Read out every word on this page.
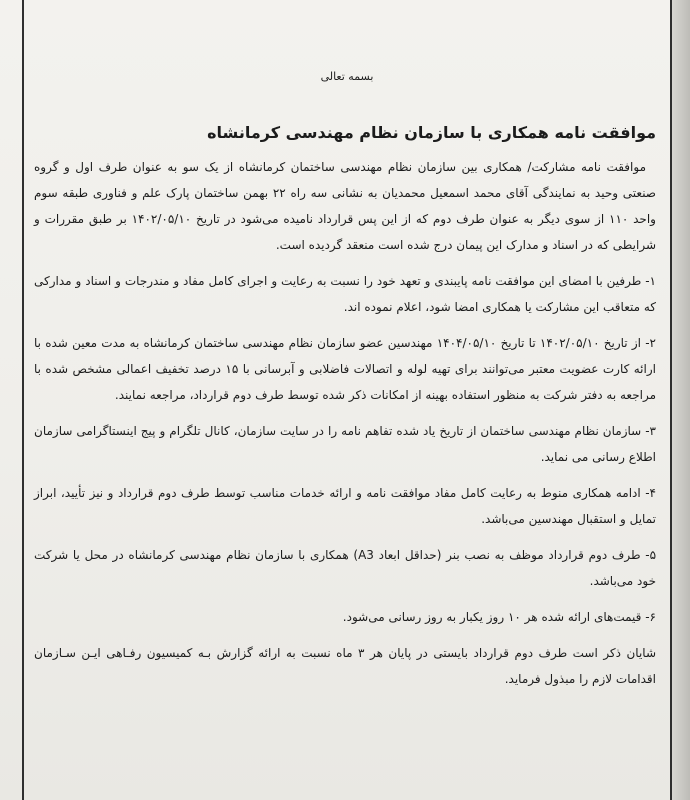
بسمه تعالی
موافقت نامه همکاری با سازمان نظام مهندسی کرمانشاه

موافقت نامه مشارکت/ همکاری بین سازمان نظام مهندسی ساختمان کرمانشاه از یک سو به عنوان طرف اول و گروه صنعتی وحید به نمایندگی آقای محمد اسمعیل محمدیان به نشانی سه راه ۲۲ بهمن ساختمان پارک علم و فناوری طبقه سوم واحد ۱۱۰ از سوی دیگر به عنوان طرف دوم که از این پس قرارداد نامیده می‌شود در تاریخ ۱۴۰۲/۰۵/۱۰ بر طبق مقررات و شرایطی که در اسناد و مدارک این پیمان درج شده است منعقد گردیده است.

۱- طرفین با امضای این موافقت نامه پایبندی و تعهد خود را نسبت به رعایت و اجرای کامل مفاد و مندرجات و اسناد و مدارکی که متعاقب این مشارکت یا همکاری امضا شود، اعلام نموده اند.

۲- از تاریخ ۱۴۰۲/۰۵/۱۰ تا تاریخ ۱۴۰۴/۰۵/۱۰ مهندسین عضو سازمان نظام مهندسی ساختمان کرمانشاه به مدت معین شده با ارائه کارت عضویت معتبر می‌توانند برای تهیه لوله و اتصالات فاضلابی و آبرسانی با ۱۵ درصد تخفیف اعمالی مشخص شده با مراجعه به دفتر شرکت به منظور استفاده بهینه از امکانات ذکر شده توسط طرف دوم قرارداد، مراجعه نمایند.

۳- سازمان نظام مهندسی ساختمان از تاریخ یاد شده تفاهم نامه را در سایت سازمان، کانال تلگرام و پیج اینستاگرامی سازمان اطلاع رسانی می نماید.

۴- ادامه همکاری منوط به رعایت کامل مفاد موافقت نامه و ارائه خدمات مناسب توسط طرف دوم قرارداد و نیز تأیید، ابراز تمایل و استقبال مهندسین می‌باشد.

۵- طرف دوم قرارداد موظف به نصب بنر (حداقل ابعاد A3) همکاری با سازمان نظام مهندسی کرمانشاه در محل یا شرکت خود می‌باشد.

۶- قیمت‌های ارائه شده هر ۱۰ روز یکبار به روز رسانی می‌شود.

شایان ذکر است طرف دوم قرارداد بایستی در پایان هر ۳ ماه نسبت به ارائه گزارش بـه کمیسیون رفـاهی ایـن سـازمان اقدامات لازم را مبذول فرماید.
